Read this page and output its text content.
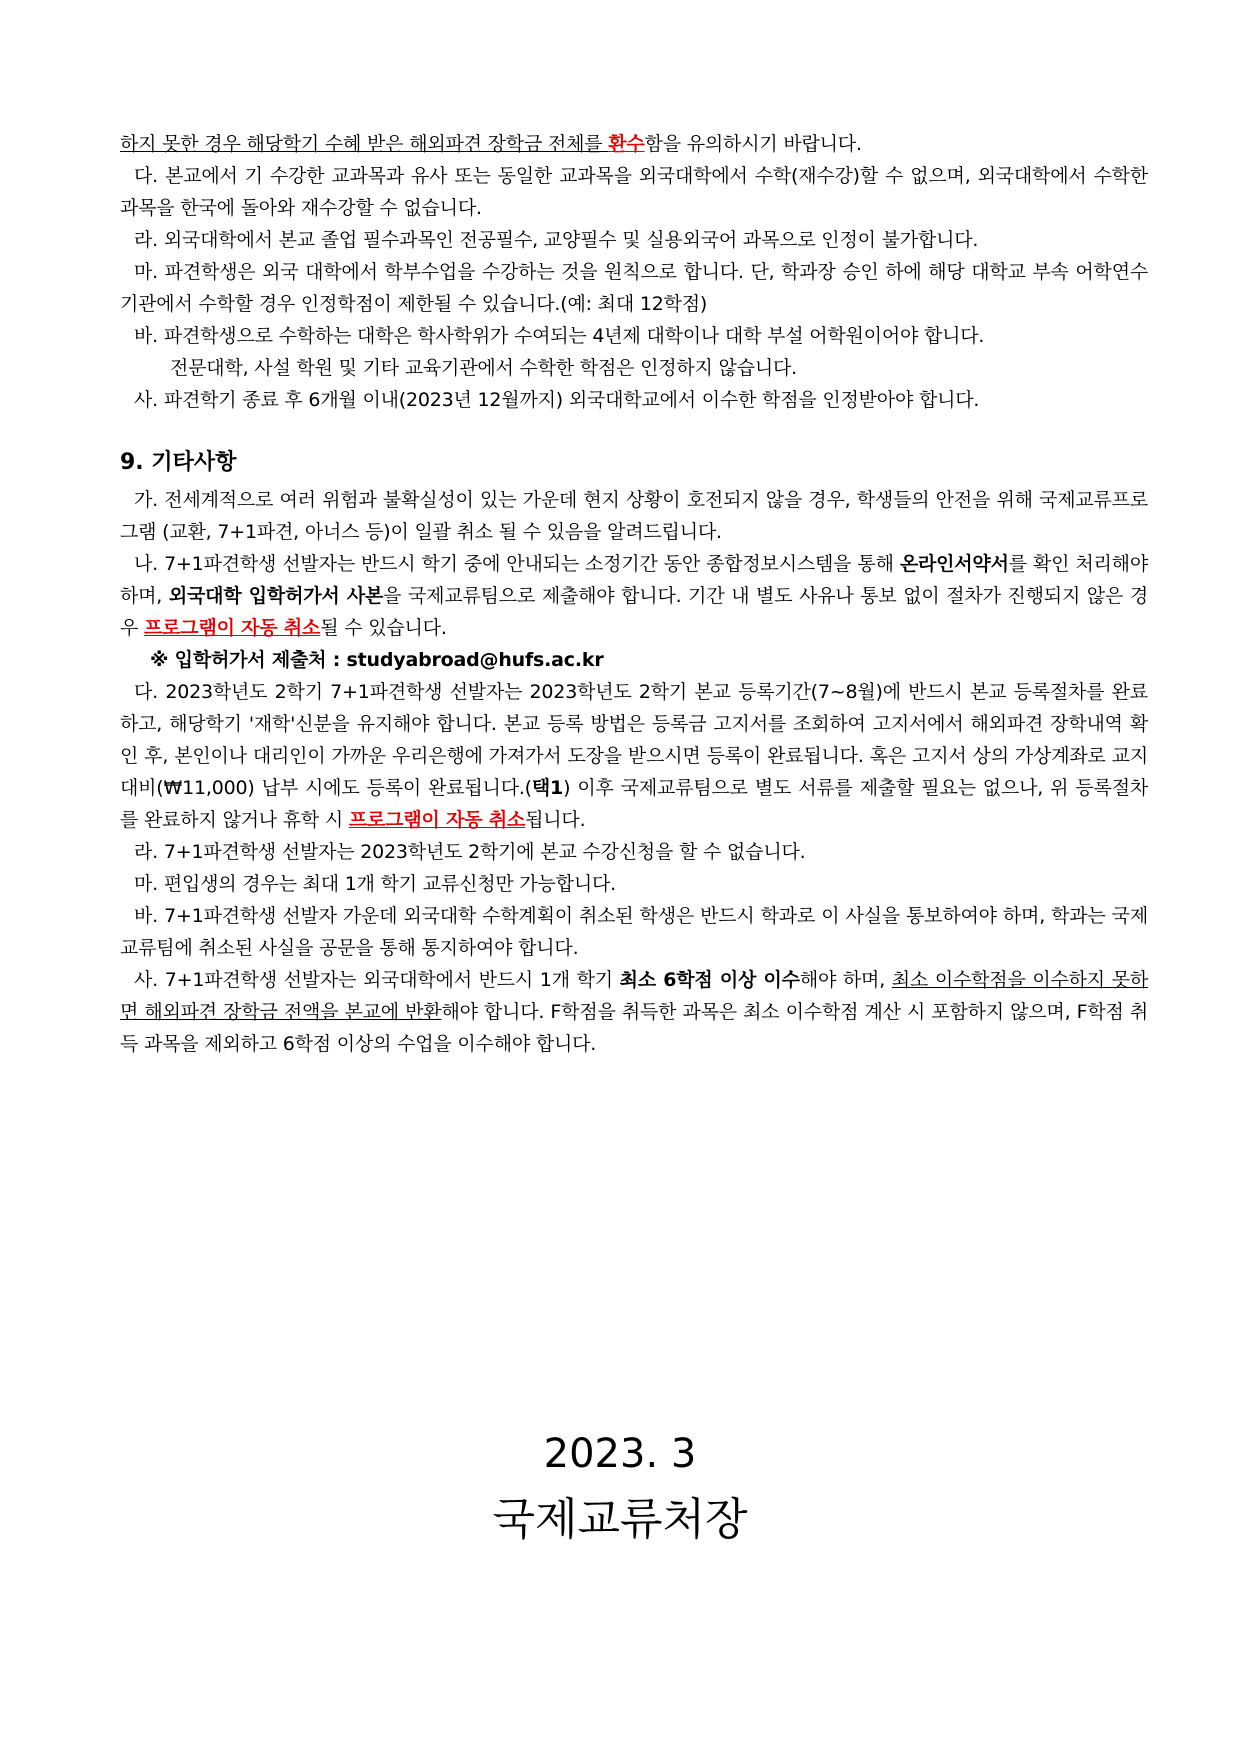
하지 못한 경우 해당학기 수혜 받은 해외파견 장학금 전체를 환수함을 유의하시기 바랍니다.

다. 본교에서 기 수강한 교과목과 유사 또는 동일한 교과목을 외국대학에서 수학(재수강)할 수 없으며, 외국대학에서 수학한 과목을 한국에 돌아와 재수강할 수 없습니다.

라. 외국대학에서 본교 졸업 필수과목인 전공필수, 교양필수 및 실용외국어 과목으로 인정이 불가합니다.

마. 파견학생은 외국 대학에서 학부수업을 수강하는 것을 원칙으로 합니다. 단, 학과장 승인 하에 해당 대학교 부속 어학연수기관에서 수학할 경우 인정학점이 제한될 수 있습니다.(예: 최대 12학점)

바. 파견학생으로 수학하는 대학은 학사학위가 수여되는 4년제 대학이나 대학 부설 어학원이어야 합니다.

전문대학, 사설 학원 및 기타 교육기관에서 수학한 학점은 인정하지 않습니다.

사. 파견학기 종료 후 6개월 이내(2023년 12월까지) 외국대학교에서 이수한 학점을 인정받아야 합니다.

9. 기타사항

가. 전세계적으로 여러 위험과 불확실성이 있는 가운데 현지 상황이 호전되지 않을 경우, 학생들의 안전을 위해 국제교류프로그램 (교환, 7+1파견, 아너스 등)이 일괄 취소 될 수 있음을 알려드립니다.

나. 7+1파견학생 선발자는 반드시 학기 중에 안내되는 소정기간 동안 종합정보시스템을 통해 온라인서약서를 확인 처리해야하며, 외국대학 입학허가서 사본을 국제교류팀으로 제출해야 합니다. 기간 내 별도 사유나 통보 없이 절차가 진행되지 않은 경우 프로그램이 자동 취소될 수 있습니다.

※ 입학허가서 제출처 : studyabroad@hufs.ac.kr

다. 2023학년도 2학기 7+1파견학생 선발자는 2023학년도 2학기 본교 등록기간(7~8월)에 반드시 본교 등록절차를 완료하고, 해당학기 '재학'신분을 유지해야 합니다. 본교 등록 방법은 등록금 고지서를 조회하여 고지서에서 해외파견 장학내역 확인 후, 본인이나 대리인이 가까운 우리은행에 가져가서 도장을 받으시면 등록이 완료됩니다. 혹은 고지서 상의 가상계좌로 교지대비(₩11,000) 납부 시에도 등록이 완료됩니다.(택1) 이후 국제교류팀으로 별도 서류를 제출할 필요는 없으나, 위 등록절차를 완료하지 않거나 휴학 시 프로그램이 자동 취소됩니다.

라. 7+1파견학생 선발자는 2023학년도 2학기에 본교 수강신청을 할 수 없습니다.

마. 편입생의 경우는 최대 1개 학기 교류신청만 가능합니다.

바. 7+1파견학생 선발자 가운데 외국대학 수학계획이 취소된 학생은 반드시 학과로 이 사실을 통보하여야 하며, 학과는 국제교류팀에 취소된 사실을 공문을 통해 통지하여야 합니다.

사. 7+1파견학생 선발자는 외국대학에서 반드시 1개 학기 최소 6학점 이상 이수해야 하며, 최소 이수학점을 이수하지 못하면 해외파견 장학금 전액을 본교에 반환해야 합니다. F학점을 취득한 과목은 최소 이수학점 계산 시 포함하지 않으며, F학점 취득 과목을 제외하고 6학점 이상의 수업을 이수해야 합니다.

2023. 3
국제교류처장
